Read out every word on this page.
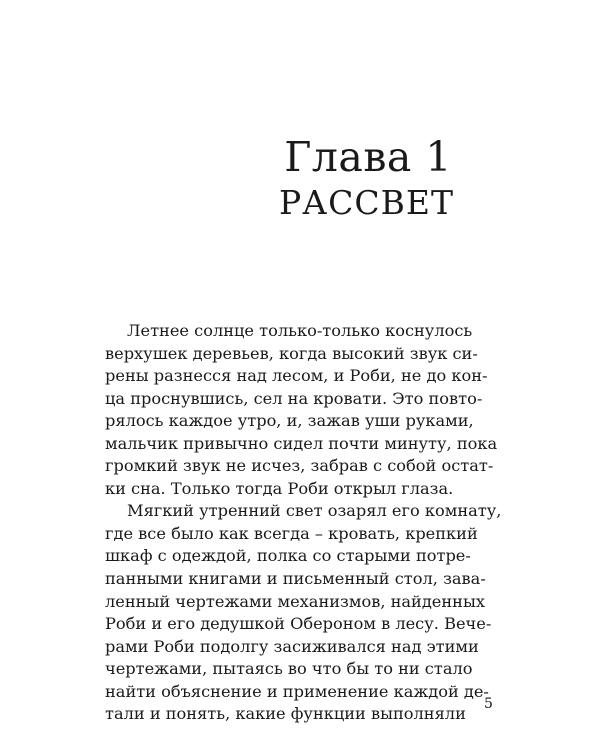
Глава 1
РАССВЕТ
Летнее солнце только-только коснулось
верхушек деревьев, когда высокий звук си-
рены разнесся над лесом, и Роби, не до кон-
ца проснувшись, сел на кровати. Это повто-
рялось каждое утро, и, зажав уши руками,
мальчик привычно сидел почти минуту, пока
громкий звук не исчез, забрав с собой остат-
ки сна. Только тогда Роби открыл глаза.
Мягкий утренний свет озарял его комнату,
где все было как всегда – кровать, крепкий
шкаф с одеждой, полка со старыми потре-
панными книгами и письменный стол, зава-
ленный чертежами механизмов, найденных
Роби и его дедушкой Обероном в лесу. Вече-
рами Роби подолгу засиживался над этими
чертежами, пытаясь во что бы то ни стало
найти объяснение и применение каждой де-
тали и понять, какие функции выполняли
5
